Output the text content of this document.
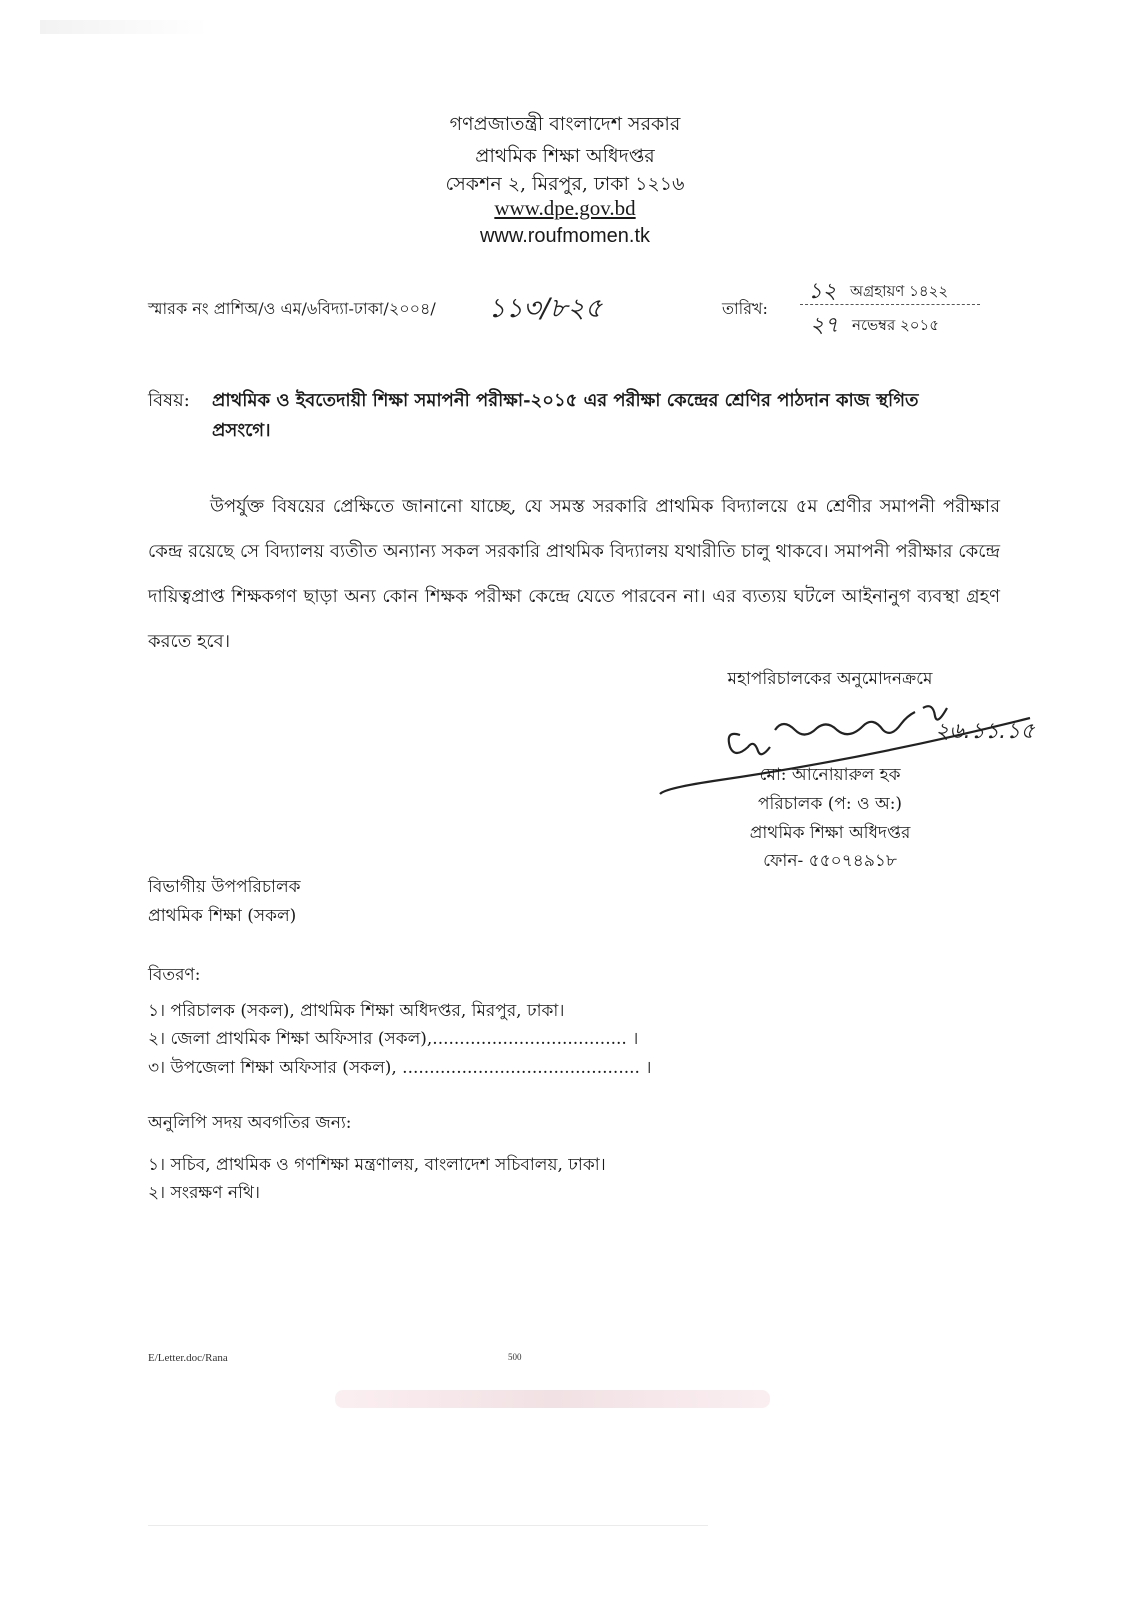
গণপ্রজাতন্ত্রী বাংলাদেশ সরকার
প্রাথমিক শিক্ষা অধিদপ্তর
সেকশন ২, মিরপুর, ঢাকা ১২১৬
www.dpe.gov.bd
www.roufmomen.tk
স্মারক নং প্রাশিঅ/ও এম/৬বিদ্যা-ঢাকা/২০০৪/ ১১৩/৮২৫	তারিখ:
১২ অগ্রহায়ণ ১৪২২
২৭ নভেম্বর ২০১৫
বিষয়: প্রাথমিক ও ইবতেদায়ী শিক্ষা সমাপনী পরীক্ষা-২০১৫ এর পরীক্ষা কেন্দ্রের শ্রেণির পাঠদান কাজ স্থগিত প্রসংগে।
উপর্যুক্ত বিষয়ের প্রেক্ষিতে জানানো যাচ্ছে, যে সমস্ত সরকারি প্রাথমিক বিদ্যালয়ে ৫ম শ্রেণীর সমাপনী পরীক্ষার কেন্দ্র রয়েছে সে বিদ্যালয় ব্যতীত অন্যান্য সকল সরকারি প্রাথমিক বিদ্যালয় যথারীতি চালু থাকবে। সমাপনী পরীক্ষার কেন্দ্রে দায়িত্বপ্রাপ্ত শিক্ষকগণ ছাড়া অন্য কোন শিক্ষক পরীক্ষা কেন্দ্রে যেতে পারবেন না। এর ব্যত্যয় ঘটলে আইনানুগ ব্যবস্থা গ্রহণ করতে হবে।
মহাপরিচালকের অনুমোদনক্রমে
২৬.১১.১৫
মো: আনোয়ারুল হক
পরিচালক (প: ও অ:)
প্রাথমিক শিক্ষা অধিদপ্তর
ফোন- ৫৫০৭৪৯১৮
বিভাগীয় উপপরিচালক
প্রাথমিক শিক্ষা (সকল)
বিতরণ:
১। পরিচালক (সকল), প্রাথমিক শিক্ষা অধিদপ্তর, মিরপুর, ঢাকা।
২। জেলা প্রাথমিক শিক্ষা অফিসার (সকল),.................................... ।
৩। উপজেলা শিক্ষা অফিসার (সকল), ............................................ ।
অনুলিপি সদয় অবগতির জন্য:
১। সচিব, প্রাথমিক ও গণশিক্ষা মন্ত্রণালয়, বাংলাদেশ সচিবালয়, ঢাকা।
২। সংরক্ষণ নথি।
E/Letter.doc/Rana	500
